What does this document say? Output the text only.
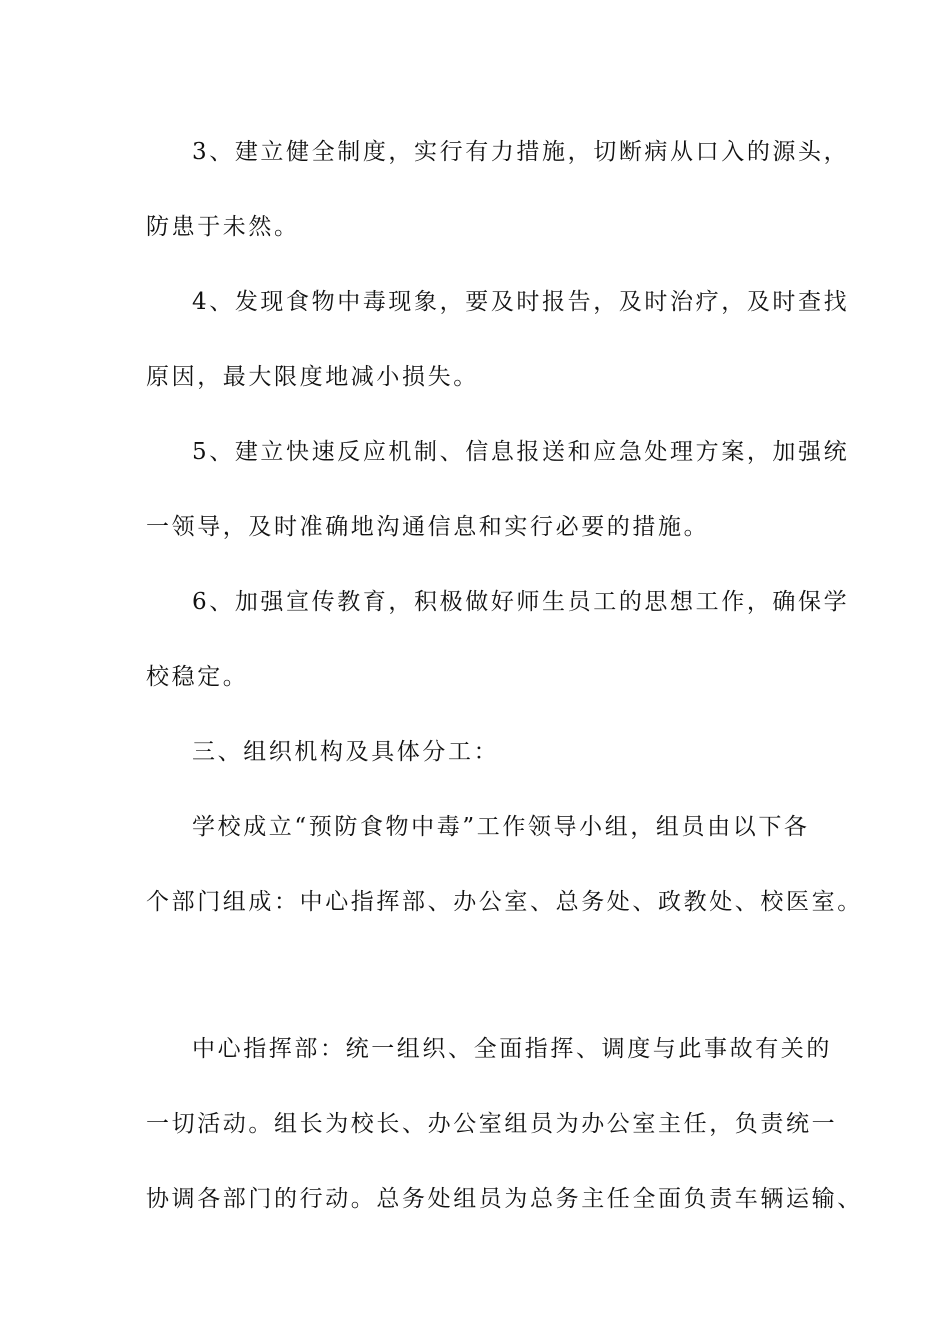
3、建立健全制度，实行有力措施，切断病从口入的源头，
防患于未然。
4、发现食物中毒现象，要及时报告，及时治疗，及时查找
原因，最大限度地减小损失。
5、建立快速反应机制、信息报送和应急处理方案，加强统
一领导，及时准确地沟通信息和实行必要的措施。
6、加强宣传教育，积极做好师生员工的思想工作，确保学
校稳定。
三、组织机构及具体分工：
学校成立“预防食物中毒”工作领导小组，组员由以下各
个部门组成：中心指挥部、办公室、总务处、政教处、校医室。
中心指挥部：统一组织、全面指挥、调度与此事故有关的
一切活动。组长为校长、办公室组员为办公室主任，负责统一
协调各部门的行动。总务处组员为总务主任全面负责车辆运输、
